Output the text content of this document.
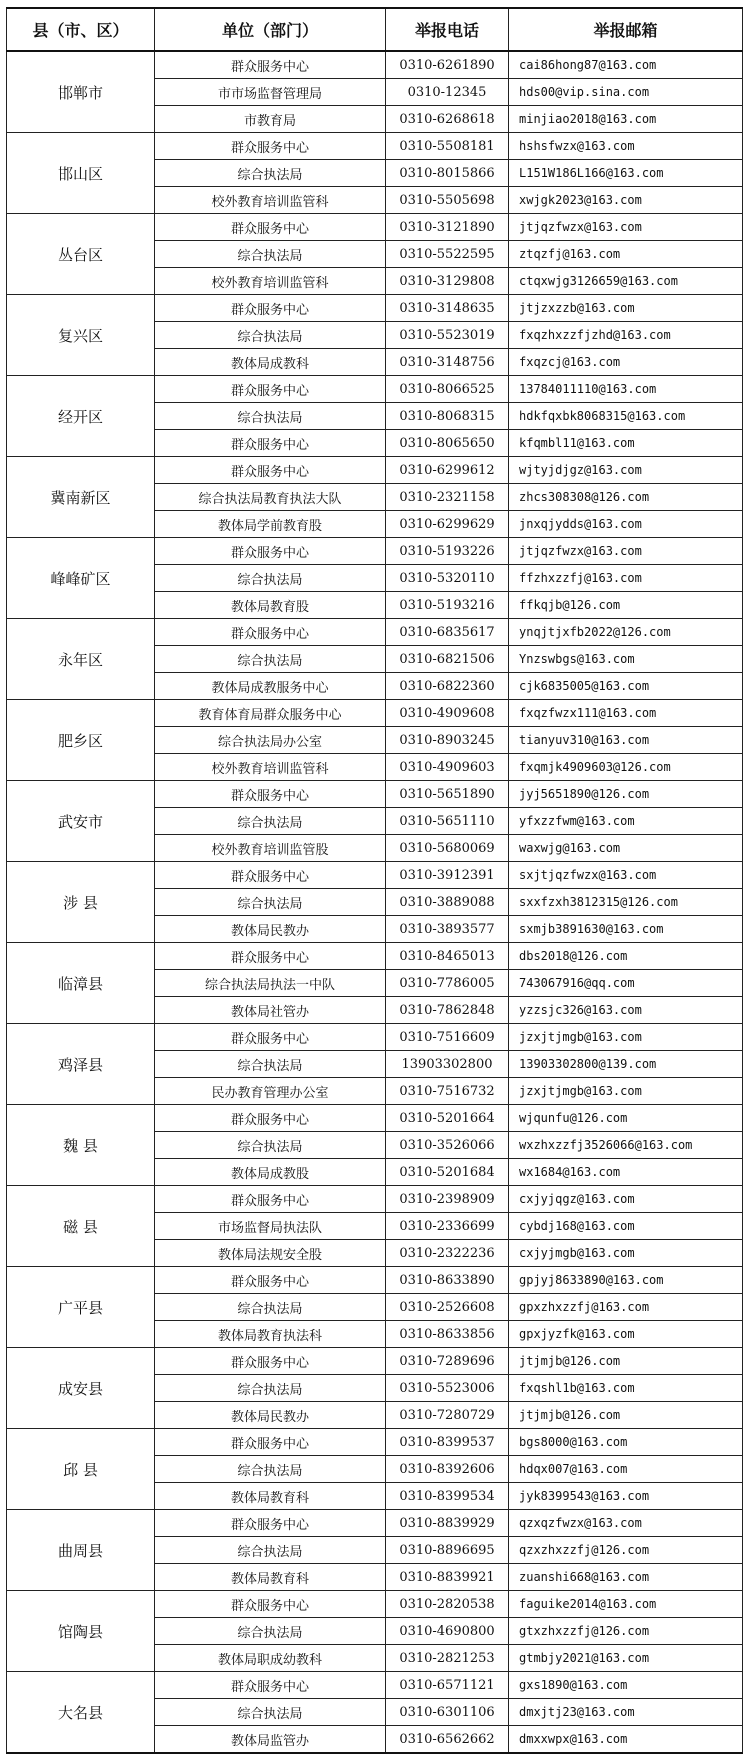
县（市、区）	单位（部门）	举报电话	举报邮箱
邯郸市	群众服务中心	0310-6261890	cai86hong87@163.com
	市市场监督管理局	0310-12345	hds00@vip.sina.com
	市教育局	0310-6268618	minjiao2018@163.com
邯山区	群众服务中心	0310-5508181	hshsfwzx@163.com
	综合执法局	0310-8015866	L151W186L166@163.com
	校外教育培训监管科	0310-5505698	xwjgk2023@163.com
丛台区	群众服务中心	0310-3121890	jtjqzfwzx@163.com
	综合执法局	0310-5522595	ztqzfj@163.com
	校外教育培训监管科	0310-3129808	ctqxwjg3126659@163.com
复兴区	群众服务中心	0310-3148635	jtjzxzzb@163.com
	综合执法局	0310-5523019	fxqzhxzzfjzhd@163.com
	教体局成教科	0310-3148756	fxqzcj@163.com
经开区	群众服务中心	0310-8066525	13784011110@163.com
	综合执法局	0310-8068315	hdkfqxbk8068315@163.com
	群众服务中心	0310-8065650	kfqmbl11@163.com
冀南新区	群众服务中心	0310-6299612	wjtyjdjgz@163.com
	综合执法局教育执法大队	0310-2321158	zhcs308308@126.com
	教体局学前教育股	0310-6299629	jnxqjydds@163.com
峰峰矿区	群众服务中心	0310-5193226	jtjqzfwzx@163.com
	综合执法局	0310-5320110	ffzhxzzfj@163.com
	教体局教育股	0310-5193216	ffkqjb@126.com
永年区	群众服务中心	0310-6835617	ynqjtjxfb2022@126.com
	综合执法局	0310-6821506	Ynzswbgs@163.com
	教体局成教服务中心	0310-6822360	cjk6835005@163.com
肥乡区	教育体育局群众服务中心	0310-4909608	fxqzfwzx111@163.com
	综合执法局办公室	0310-8903245	tianyuv310@163.com
	校外教育培训监管科	0310-4909603	fxqmjk4909603@126.com
武安市	群众服务中心	0310-5651890	jyj5651890@126.com
	综合执法局	0310-5651110	yfxzzfwm@163.com
	校外教育培训监管股	0310-5680069	waxwjg@163.com
涉 县	群众服务中心	0310-3912391	sxjtjqzfwzx@163.com
	综合执法局	0310-3889088	sxxfzxh3812315@126.com
	教体局民教办	0310-3893577	sxmjb3891630@163.com
临漳县	群众服务中心	0310-8465013	dbs2018@126.com
	综合执法局执法一中队	0310-7786005	743067916@qq.com
	教体局社管办	0310-7862848	yzzsjc326@163.com
鸡泽县	群众服务中心	0310-7516609	jzxjtjmgb@163.com
	综合执法局	13903302800	13903302800@139.com
	民办教育管理办公室	0310-7516732	jzxjtjmgb@163.com
魏 县	群众服务中心	0310-5201664	wjqunfu@126.com
	综合执法局	0310-3526066	wxzhxzzfj3526066@163.com
	教体局成教股	0310-5201684	wx1684@163.com
磁 县	群众服务中心	0310-2398909	cxjyjqgz@163.com
	市场监督局执法队	0310-2336699	cybdj168@163.com
	教体局法规安全股	0310-2322236	cxjyjmgb@163.com
广平县	群众服务中心	0310-8633890	gpjyj8633890@163.com
	综合执法局	0310-2526608	gpxzhxzzfj@163.com
	教体局教育执法科	0310-8633856	gpxjyzfk@163.com
成安县	群众服务中心	0310-7289696	jtjmjb@126.com
	综合执法局	0310-5523006	fxqshl1b@163.com
	教体局民教办	0310-7280729	jtjmjb@126.com
邱 县	群众服务中心	0310-8399537	bgs8000@163.com
	综合执法局	0310-8392606	hdqx007@163.com
	教体局教育科	0310-8399534	jyk8399543@163.com
曲周县	群众服务中心	0310-8839929	qzxqzfwzx@163.com
	综合执法局	0310-8896695	qzxzhxzzfj@126.com
	教体局教育科	0310-8839921	zuanshi668@163.com
馆陶县	群众服务中心	0310-2820538	faguike2014@163.com
	综合执法局	0310-4690800	gtxzhxzzfj@126.com
	教体局职成幼教科	0310-2821253	gtmbjy2021@163.com
大名县	群众服务中心	0310-6571121	gxs1890@163.com
	综合执法局	0310-6301106	dmxjtj23@163.com
	教体局监管办	0310-6562662	dmxxwpx@163.com
